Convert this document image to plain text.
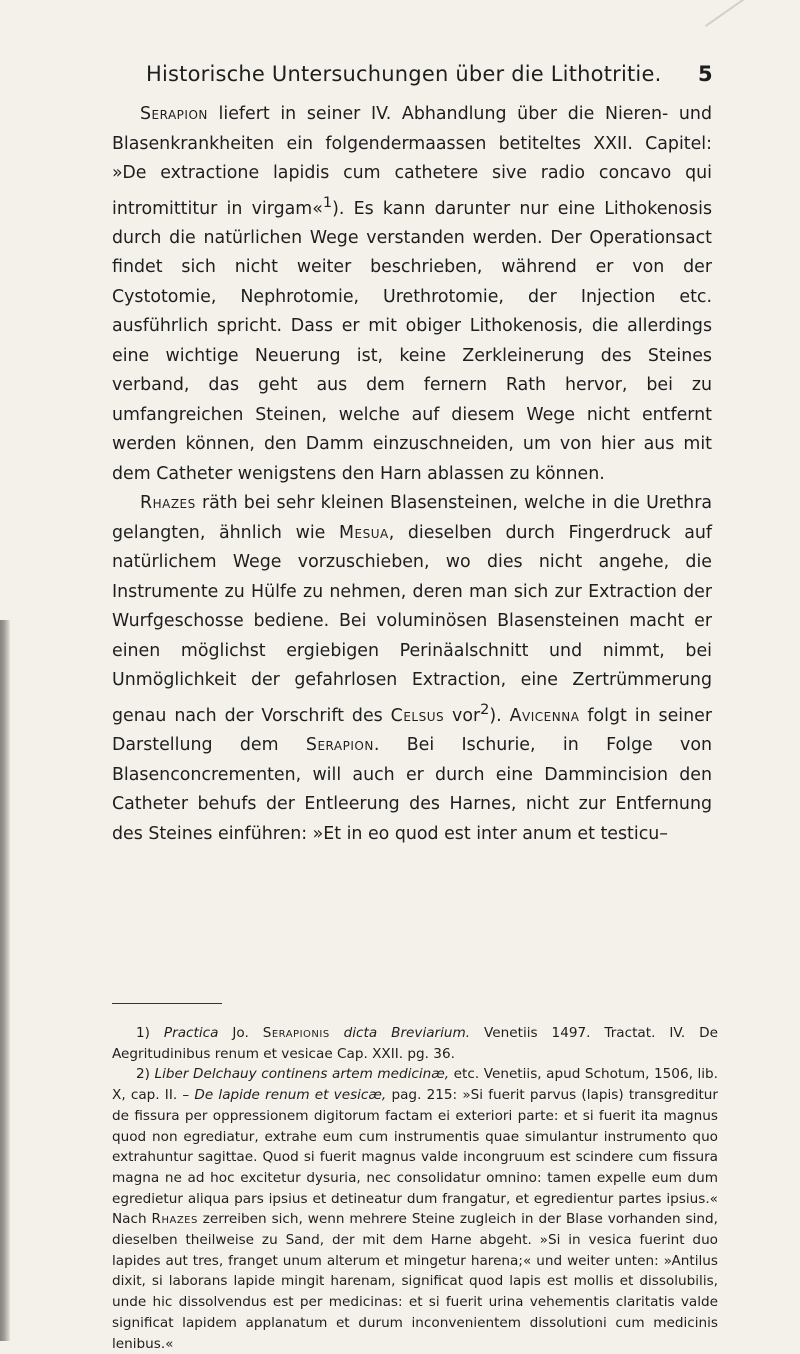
Historische Untersuchungen über die Lithotritie. 5

Serapion liefert in seiner IV. Abhandlung über die Nieren- und Blasenkrankheiten ein folgendermaassen betiteltes XXII. Capitel: »De extractione lapidis cum cathetere sive radio concavo qui intromittitur in virgam«$^1$). Es kann darunter nur eine Lithokenosis durch die natürlichen Wege verstanden werden. Der Operationsact findet sich nicht weiter beschrieben, während er von der Cystotomie, Nephrotomie, Urethrotomie, der Injection etc. ausführlich spricht. Dass er mit obiger Lithokenosis, die allerdings eine wichtige Neuerung ist, keine Zerkleinerung des Steines verband, das geht aus dem fernern Rath hervor, bei zu umfangreichen Steinen, welche auf diesem Wege nicht entfernt werden können, den Damm einzuschneiden, um von hier aus mit dem Catheter wenigstens den Harn ablassen zu können.

Rhazes räth bei sehr kleinen Blasensteinen, welche in die Urethra gelangten, ähnlich wie Mesua, dieselben durch Fingerdruck auf natürlichem Wege vorzuschieben, wo dies nicht angehe, die Instrumente zu Hülfe zu nehmen, deren man sich zur Extraction der Wurfgeschosse bediene. Bei voluminösen Blasensteinen macht er einen möglichst ergiebigen Perinäalschnitt und nimmt, bei Unmöglichkeit der gefahrlosen Extraction, eine Zertrümmerung genau nach der Vorschrift des Celsus vor$^2$). Avicenna folgt in seiner Darstellung dem Serapion. Bei Ischurie, in Folge von Blasenconcrementen, will auch er durch eine Dammincision den Catheter behufs der Entleerung des Harnes, nicht zur Entfernung des Steines einführen: »Et in eo quod est inter anum et testicu–

1) Practica Jo. Serapionis dicta Breviarium. Venetiis 1497. Tractat. IV. De Aegritudinibus renum et vesicae Cap. XXII. pg. 36.

2) Liber Delchauy continens artem medicinæ, etc. Venetiis, apud Schotum, 1506, lib. X, cap. II. – De lapide renum et vesicæ, pag. 215: »Si fuerit parvus (lapis) transgreditur de fissura per oppressionem digitorum factam ei exteriori parte: et si fuerit ita magnus quod non egrediatur, extrahe eum cum instrumentis quae simulantur instrumento quo extrahuntur sagittae. Quod si fuerit magnus valde incongruum est scindere cum fissura magna ne ad hoc excitetur dysuria, nec consolidatur omnino: tamen expelle eum dum egredietur aliqua pars ipsius et detineatur dum frangatur, et egredientur partes ipsius.« Nach Rhazes zerreiben sich, wenn mehrere Steine zugleich in der Blase vorhanden sind, dieselben theilweise zu Sand, der mit dem Harne abgeht. »Si in vesica fuerint duo lapides aut tres, franget unum alterum et mingetur harena;« und weiter unten: »Antilus dixit, si laborans lapide mingit harenam, significat quod lapis est mollis et dissolubilis, unde hic dissolvendus est per medicinas: et si fuerit urina vehementis claritatis valde significat lapidem applanatum et durum inconvenientem dissolutioni cum medicinis lenibus.«
